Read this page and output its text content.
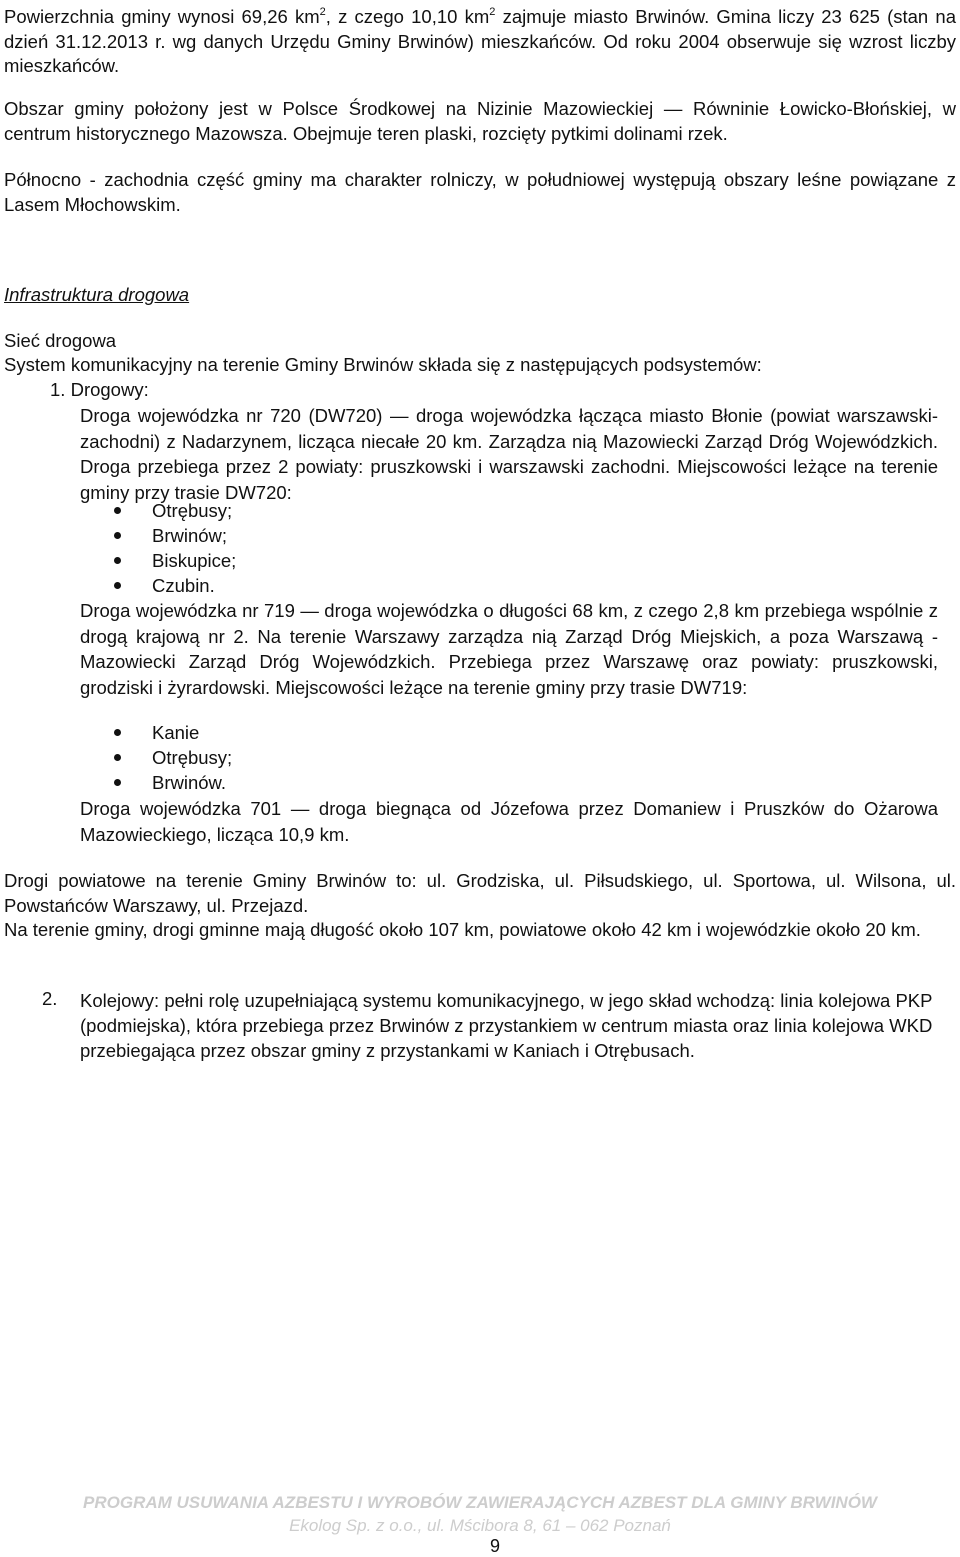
Powierzchnia gminy wynosi 69,26 $km^2$, z czego 10,10 $km^2$ zajmuje miasto Brwinów. Gmina liczy 23 625 (stan na dzień 31.12.2013 r. wg danych Urzędu Gminy Brwinów) mieszkańców. Od roku 2004 obserwuje się wzrost liczby mieszkańców.

Obszar gminy położony jest w Polsce Środkowej na Nizinie Mazowieckiej — Równinie Łowicko-Błońskiej, w centrum historycznego Mazowsza. Obejmuje teren plaski, rozcięty pytkimi dolinami rzek.

Północno - zachodnia część gminy ma charakter rolniczy, w południowej występują obszary leśne powiązane z Lasem Młochowskim.

Infrastruktura drogowa
Sieć drogowa
System komunikacyjny na terenie Gminy Brwinów składa się z następujących podsystemów:
1. Drogowy:

Droga wojewódzka nr 720 (DW720) — droga wojewódzka łącząca miasto Błonie (powiat warszawski-zachodni) z Nadarzynem, licząca niecałe 20 km. Zarządza nią Mazowiecki Zarząd Dróg Wojewódzkich. Droga przebiega przez 2 powiaty: pruszkowski i warszawski zachodni. Miejscowości leżące na terenie gminy przy trasie DW720:

Otrębusy;
Brwinów;
Biskupice;
Czubin.

Droga wojewódzka nr 719 — droga wojewódzka o długości 68 km, z czego 2,8 km przebiega wspólnie z drogą krajową nr 2. Na terenie Warszawy zarządza nią Zarząd Dróg Miejskich, a poza Warszawą - Mazowiecki Zarząd Dróg Wojewódzkich. Przebiega przez Warszawę oraz powiaty: pruszkowski, grodziski i żyrardowski. Miejscowości leżące na terenie gminy przy trasie DW719:

Kanie
Otrębusy;
Brwinów.

Droga wojewódzka 701 — droga biegnąca od Józefowa przez Domaniew i Pruszków do Ożarowa Mazowieckiego, licząca 10,9 km.

Drogi powiatowe na terenie Gminy Brwinów to: ul. Grodziska, ul. Piłsudskiego, ul. Sportowa, ul. Wilsona, ul. Powstańców Warszawy, ul. Przejazd.

Na terenie gminy, drogi gminne mają długość około 107 km, powiatowe około 42 km i wojewódzkie około 20 km.

2. Kolejowy: pełni rolę uzupełniającą systemu komunikacyjnego, w jego skład wchodzą: linia kolejowa PKP (podmiejska), która przebiega przez Brwinów z przystankiem w centrum miasta oraz linia kolejowa WKD przebiegająca przez obszar gminy z przystankami w Kaniach i Otrębusach.

PROGRAM USUWANIA AZBESTU I WYROBÓW ZAWIERAJĄCYCH AZBEST DLA GMINY BRWINÓW
Ekolog Sp. z o.o., ul. Mścibora 8, 61 – 062 Poznań
9
